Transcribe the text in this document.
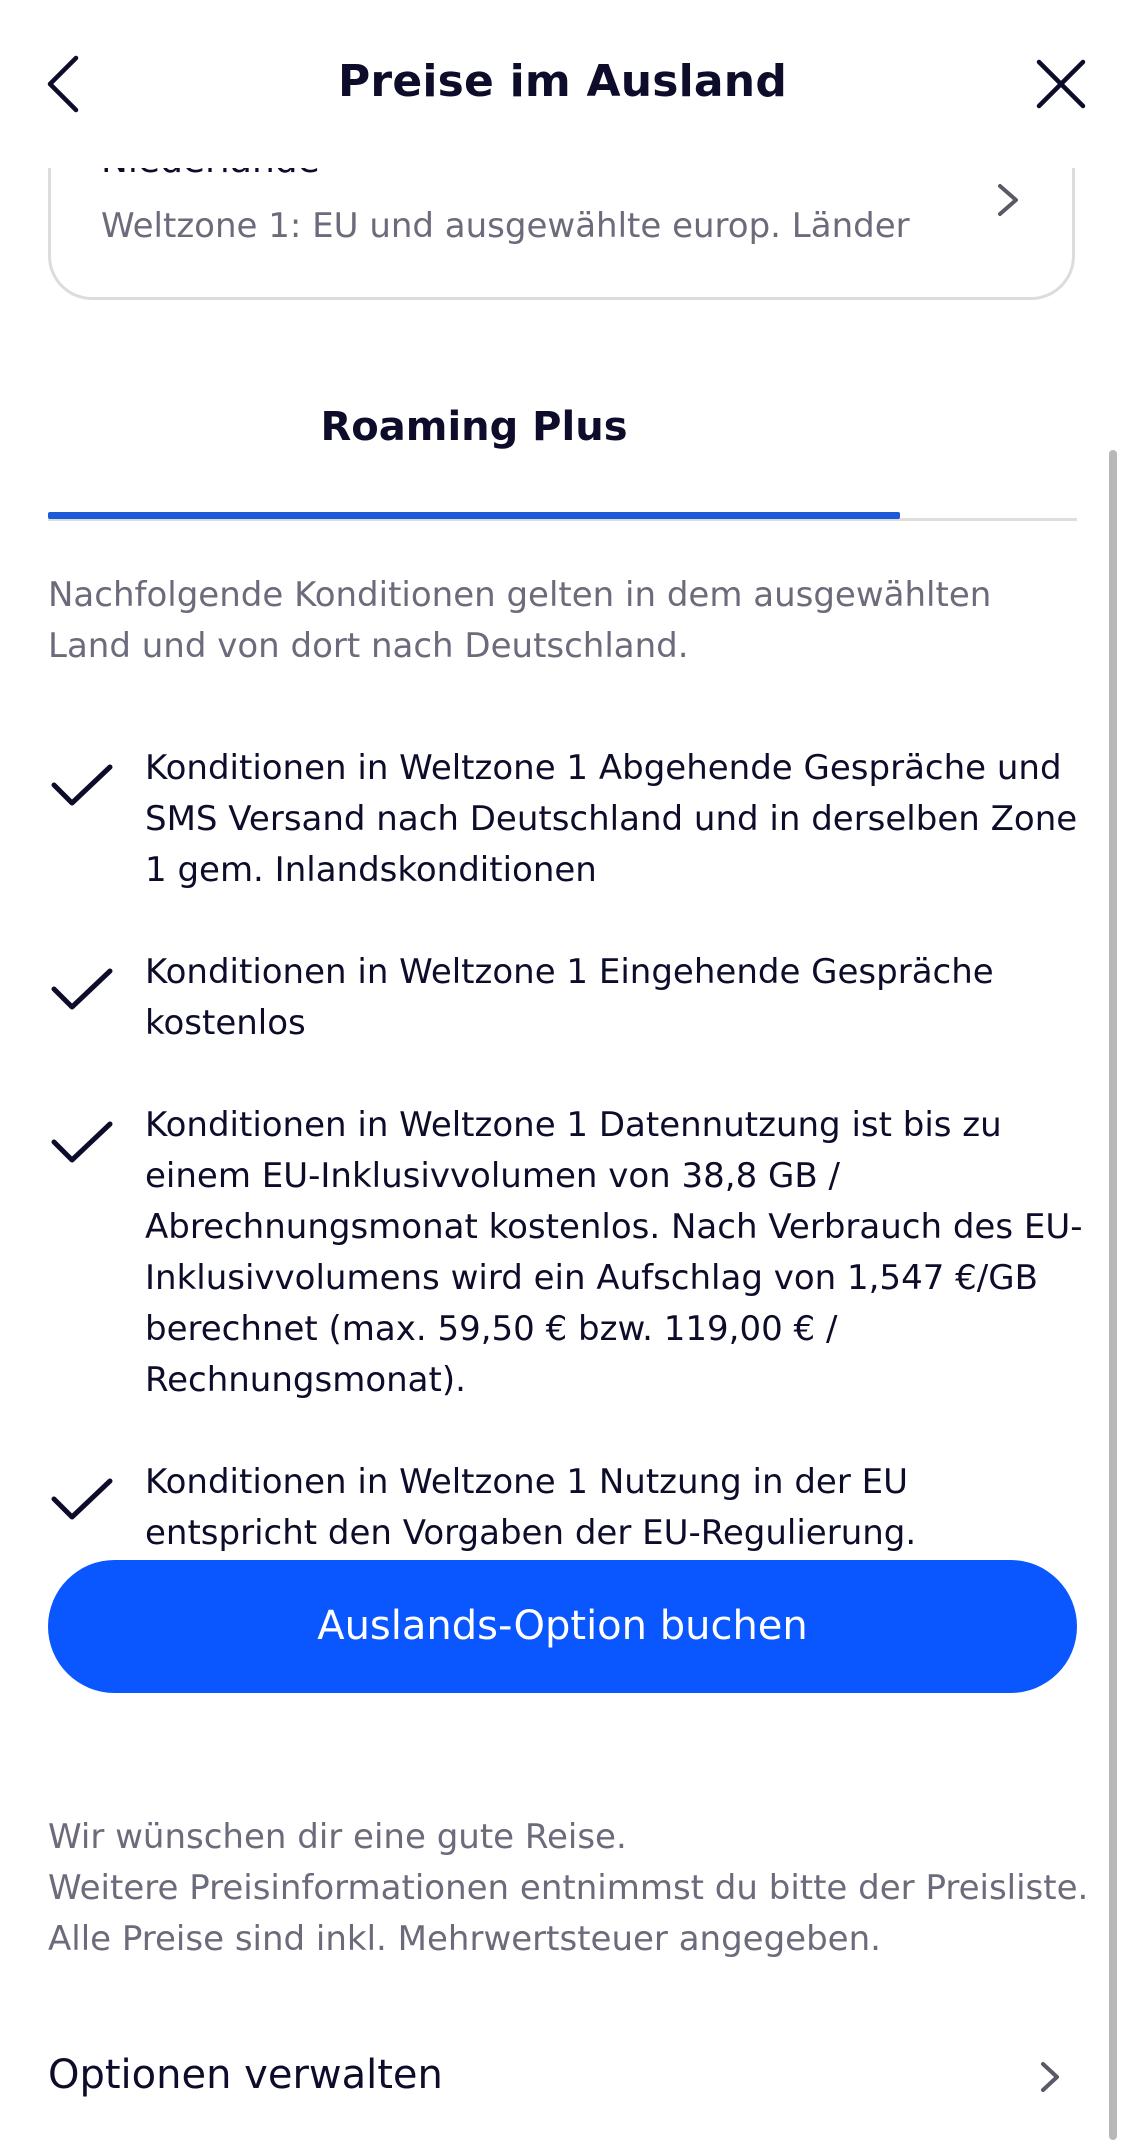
Weltzone 1: EU und ausgewählte europ. Länder
Preise im Ausland
Roaming Plus
Nachfolgende Konditionen gelten in dem ausgewählten Land und von dort nach Deutschland.
Konditionen in Weltzone 1 Abgehende Gespräche und SMS Versand nach Deutschland und in derselben Zone 1 gem. Inlandskonditionen
Konditionen in Weltzone 1 Eingehende Gespräche kostenlos
Konditionen in Weltzone 1 Datennutzung ist bis zu einem EU-Inklusivvolumen von 38,8 GB / Abrechnungsmonat kostenlos. Nach Verbrauch des EU-Inklusivvolumens wird ein Aufschlag von 1,547 €/GB berechnet (max. 59,50 € bzw. 119,00 € / Rechnungsmonat).
Konditionen in Weltzone 1 Nutzung in der EU entspricht den Vorgaben der EU-Regulierung.
Auslands-Option buchen
Wir wünschen dir eine gute Reise.
Weitere Preisinformationen entnimmst du bitte der Preisliste.
Alle Preise sind inkl. Mehrwertsteuer angegeben.
Optionen verwalten
